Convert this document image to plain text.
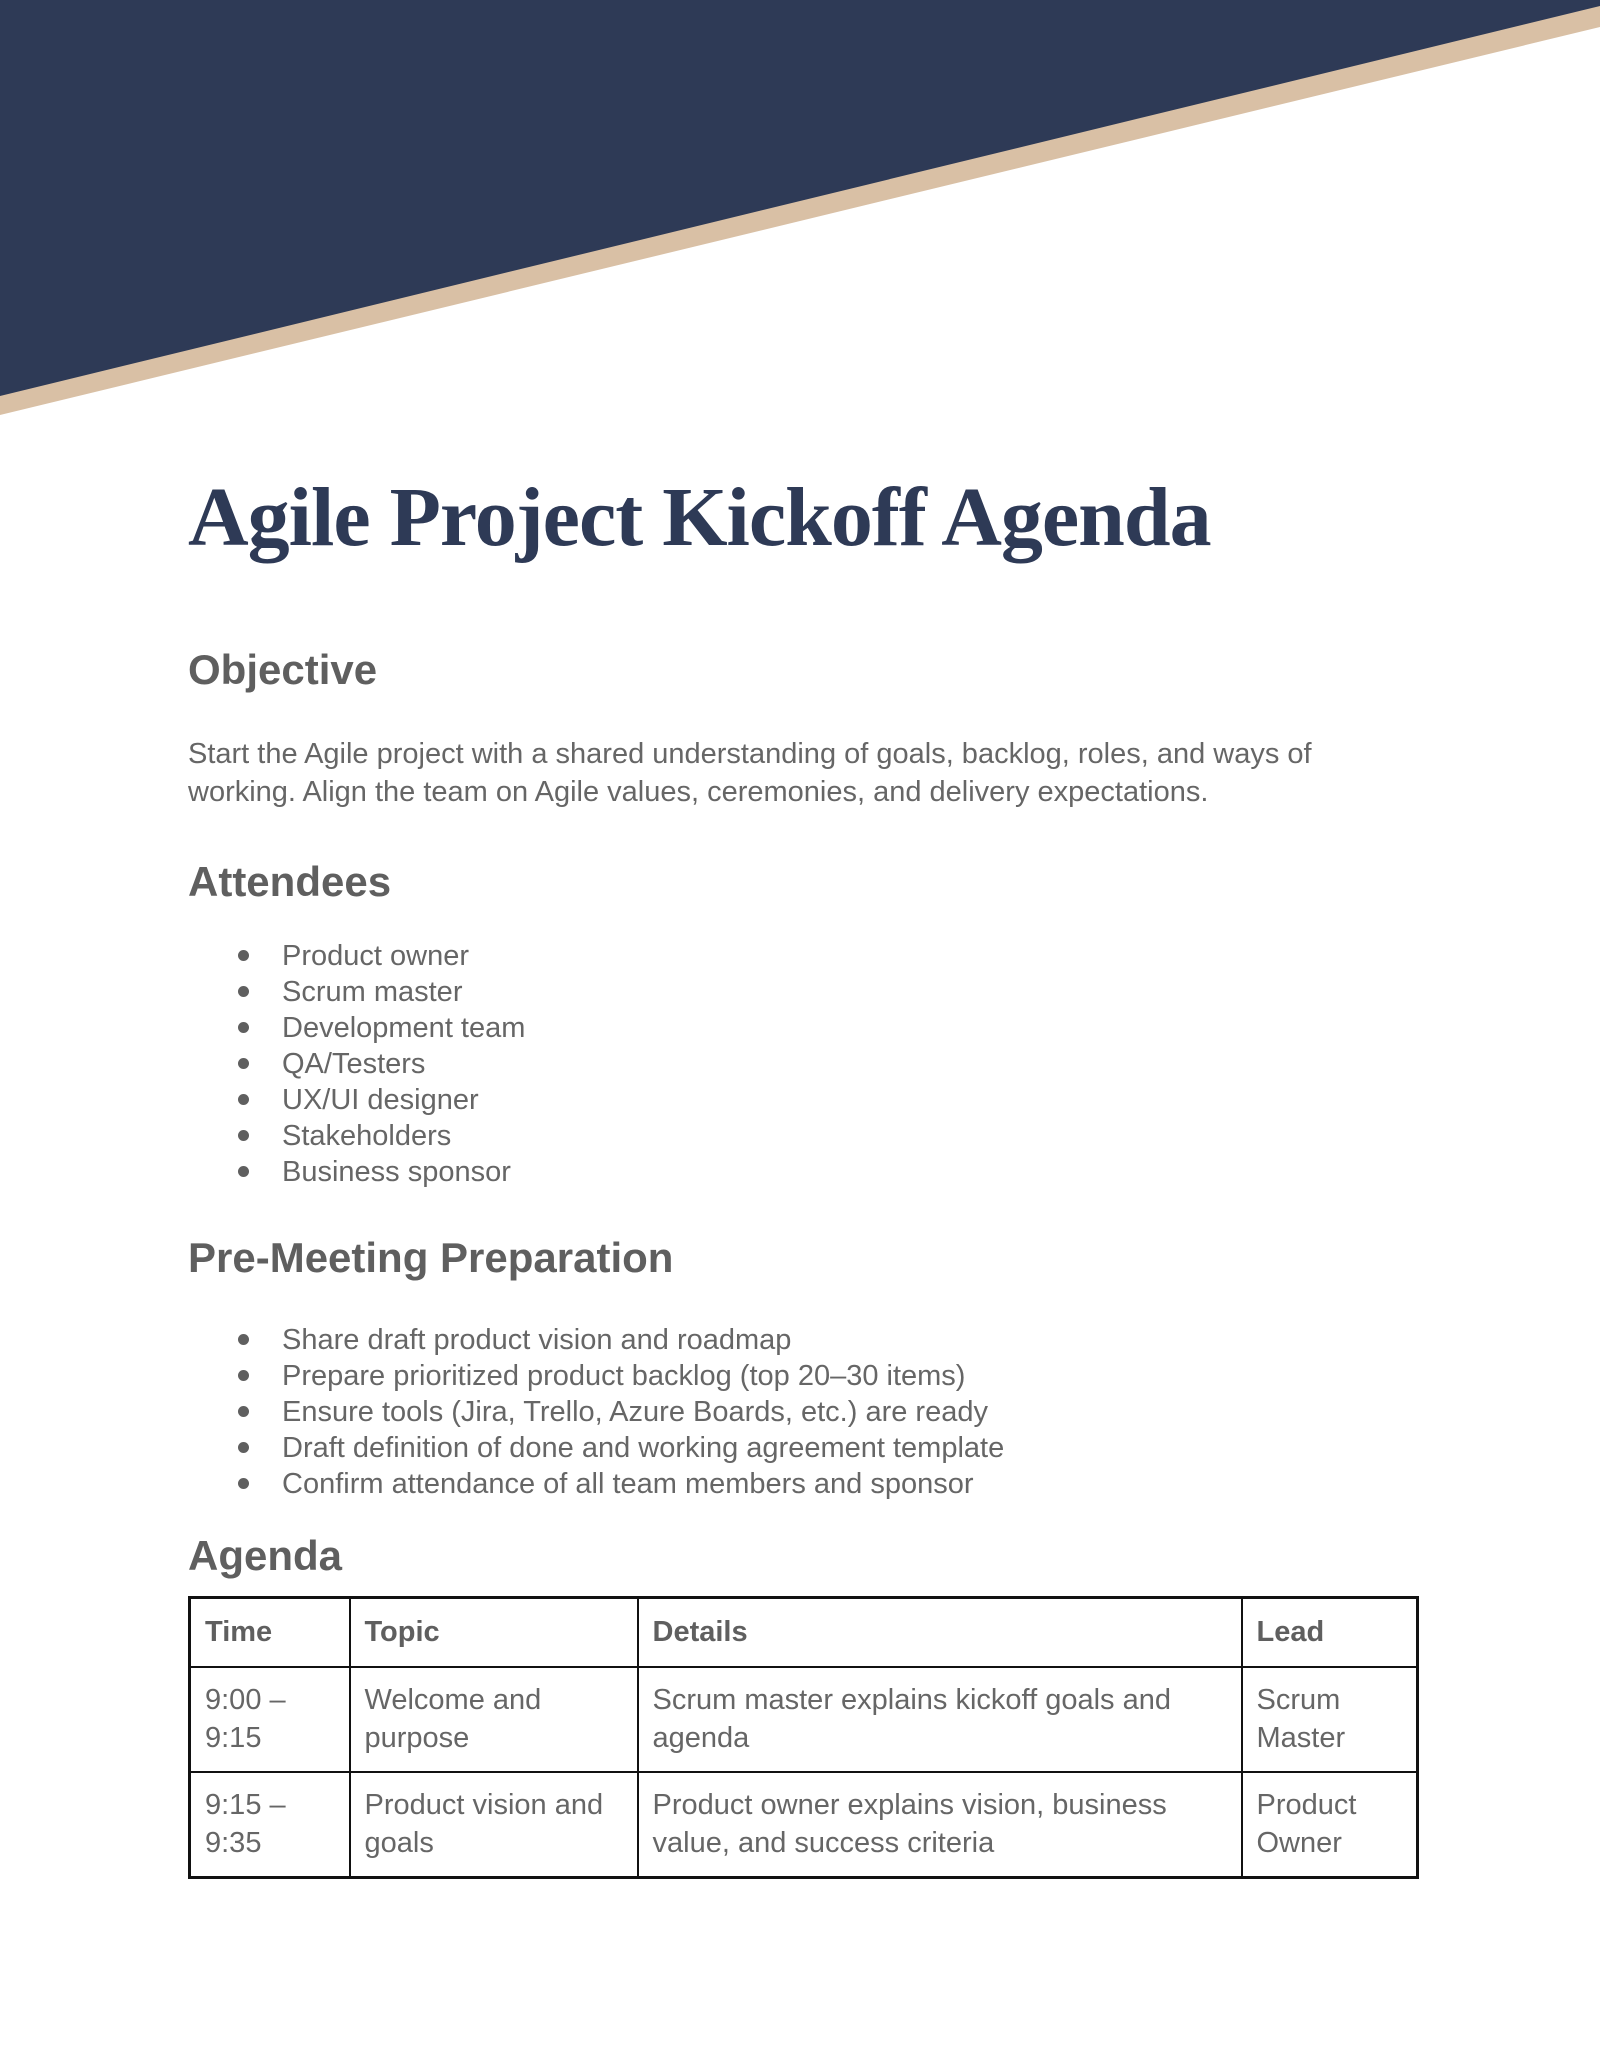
Agile Project Kickoff Agenda
Objective

Start the Agile project with a shared understanding of goals, backlog, roles, and ways of working. Align the team on Agile values, ceremonies, and delivery expectations.

Attendees
Product owner
Scrum master
Development team
QA/Testers
UX/UI designer
Stakeholders
Business sponsor
Pre-Meeting Preparation
Share draft product vision and roadmap
Prepare prioritized product backlog (top 20–30 items)
Ensure tools (Jira, Trello, Azure Boards, etc.) are ready
Draft definition of done and working agreement template
Confirm attendance of all team members and sponsor
Agenda
Time	Topic	Details	Lead
9:00 – 9:15	Welcome and purpose	Scrum master explains kickoff goals and agenda	Scrum Master
9:15 – 9:35	Product vision and goals	Product owner explains vision, business value, and success criteria	Product Owner
